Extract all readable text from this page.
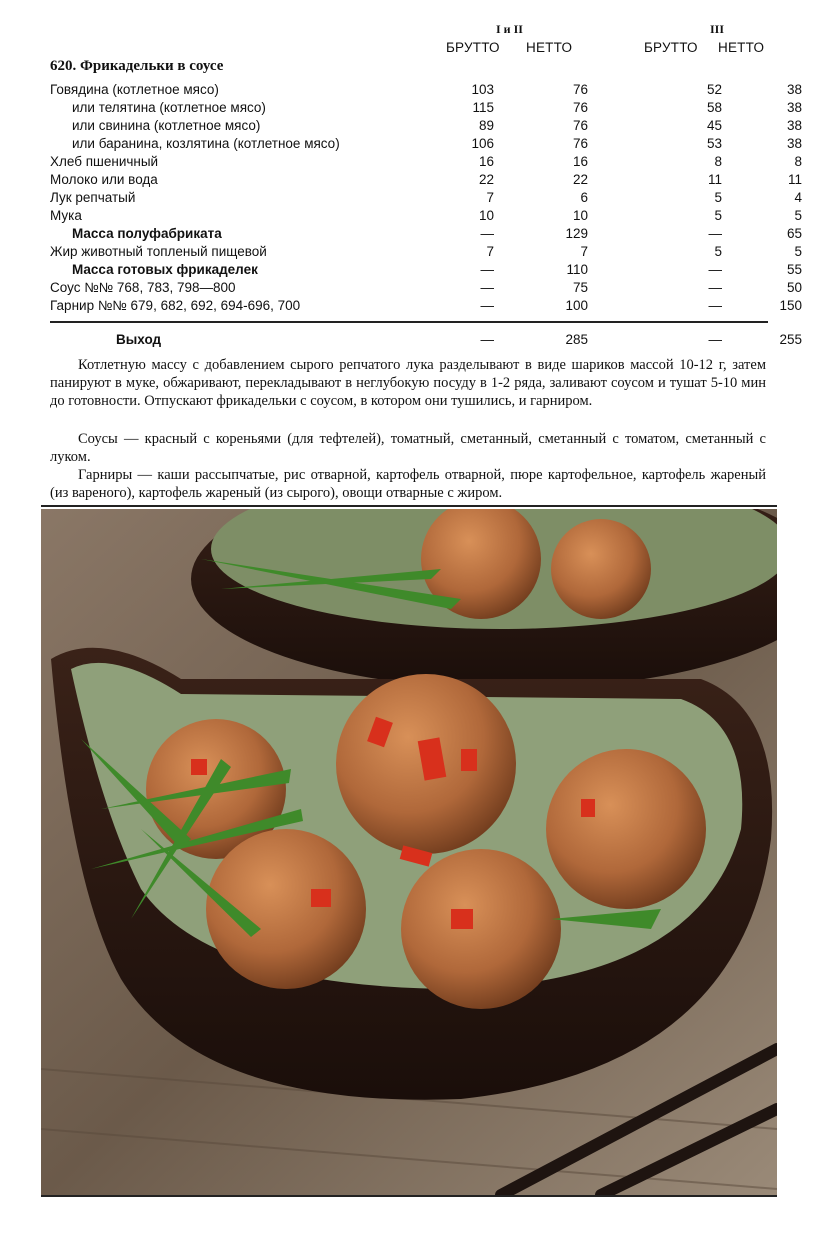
I и II	III
БРУТТО НЕТТО	БРУТТО НЕТТО
620. Фрикадельки в соусе
Говядина (котлетное мясо)	103	76	52	38
или телятина (котлетное мясо)	115	76	58	38
или свинина (котлетное мясо)	89	76	45	38
или баранина, козлятина (котлетное мясо)	106	76	53	38
Хлеб пшеничный	16	16	8	8
Молоко или вода	22	22	11	11
Лук репчатый	7	6	5	4
Мука	10	10	5	5
Масса полуфабриката	—	129	—	65
Жир животный топленый пищевой	7	7	5	5
Масса готовых фрикаделек	—	110	—	55
Соус №№ 768, 783, 798—800	—	75	—	50
Гарнир №№ 679, 682, 692, 694-696, 700	—	100	—	150
Выход	—	285	—	255
Котлетную массу с добавлением сырого репчатого лука разделывают в виде шариков массой 10-12 г, затем панируют в муке, обжаривают, перекладывают в неглубокую посуду в 1-2 ряда, заливают соусом и тушат 5-10 мин до готовности. Отпускают фрикадельки с соусом, в котором они тушились, и гарниром.
Соусы — красный с кореньями (для тефтелей), томатный, сметанный, сметанный с томатом, сметанный с луком.
Гарниры — каши рассыпчатые, рис отварной, картофель отварной, пюре картофельное, картофель жареный (из вареного), картофель жареный (из сырого), овощи отварные с жиром.
